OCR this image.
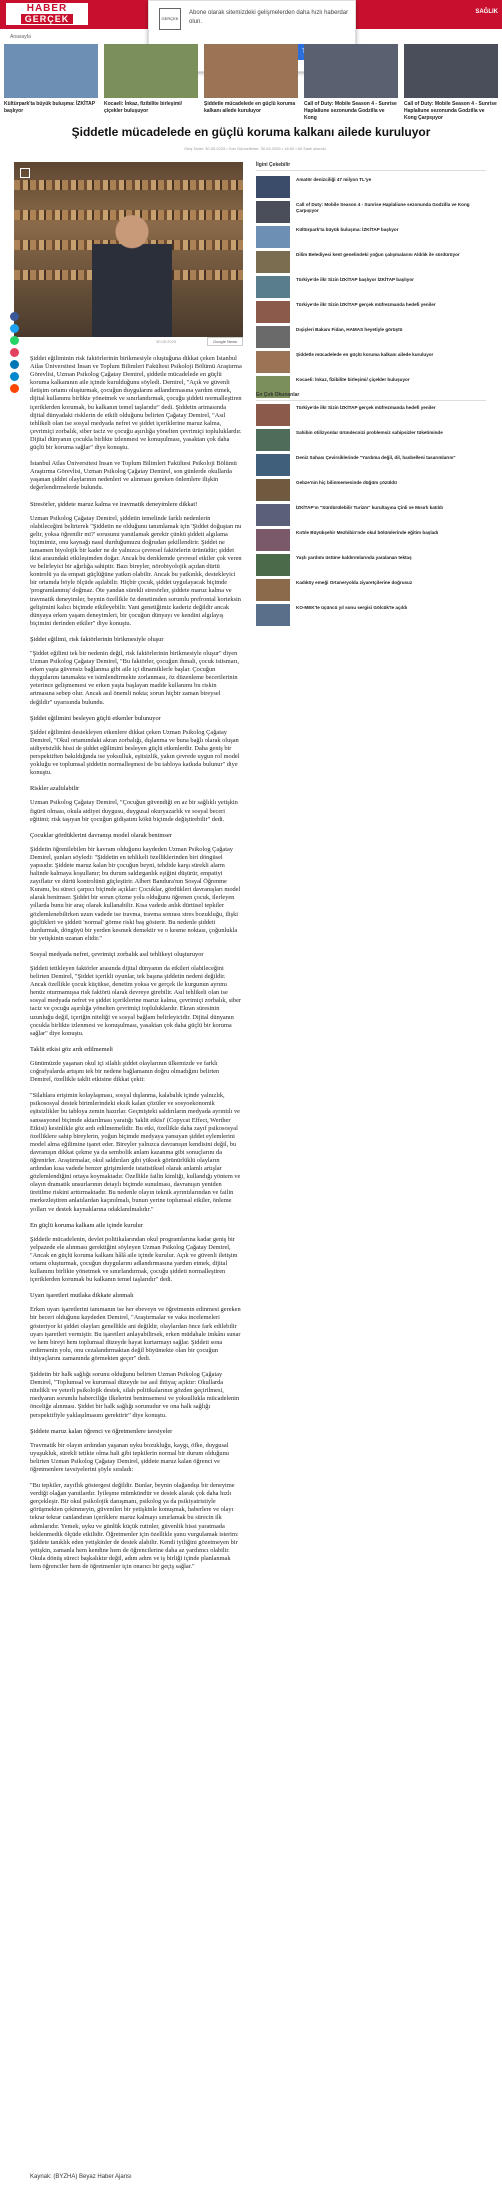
HABER
GERÇEK
SAĞLIK
GERÇEK
Abone olarak sitemizdeki gelişmelerden daha hızlı haberdar olun.
Anasayfa
Kültürpark'ta büyük buluşma: İZKİTAP başlıyor
Kocaeli: İnkaz, fizibilite birleşimi/ çiçekler buluşuyor
Şiddetle mücadelede en güçlü koruma kalkanı ailede kuruluyor
Call of Duty: Mobile Season 4 - Sunrise Haplaliune sezonunda Godzilla ve Kong
Call of Duty: Mobile Season 4 - Sunrise Haplaliune sezonunda Godzilla ve Kong Çarpışıyor
Şiddetle mücadelede en güçlü koruma kalkanı ailede kuruluyor
Giriş Tarihi: 30.05.2025 • Son Güncelleme: 30.05.2025 • 16:00 • 60 Saat okundu
30.05.2025	Google News

Şiddet eğiliminin risk faktörlerinin birikmesiyle oluştuğuna dikkat çeken İstanbul Atlas Üniversitesi İnsan ve Toplum Bilimleri Fakültesi Psikoloji Bölümü Araştırma Görevlisi, Uzman Psikolog Çağatay Demirel, şiddetle mücadelede en güçlü koruma kalkanının aile içinde kurulduğunu söyledi. Demirel, "Açık ve güvenli iletişim ortamı oluşturmak, çocuğun duygularını adlandırmasına yardım etmek, dijital kullanımı birlikte yönetmek ve sınırlandırmak, çocuğu şiddeti normalleştiren içeriklerden korumak, bu kalkanın temel taşlarıdır" dedi. Şiddetin artmasında dijital dünyadaki risklerin de etkili olduğunu belirten Çağatay Demirel, "Asıl tehlikeli olan ise sosyal medyada nefret ve şiddet içeriklerine maruz kalma, çevrimiçi zorbalık, siber taciz ve çocuğu aşırılığa yönelten çevrimiçi topluluklardır. Dijital dünyanın çocukla birlikte izlenmesi ve konuşulması, yasaktan çok daha güçlü bir koruma sağlar" diye konuştu.

İstanbul Atlas Üniversitesi İnsan ve Toplum Bilimleri Fakültesi Psikoloji Bölümü Araştırma Görevlisi, Uzman Psikolog Çağatay Demirel, son günlerde okullarda yaşanan şiddet olaylarının nedenleri ve alınması gereken önlemlere ilişkin değerlendirmelerde bulundu.

Stresörler, şiddete maruz kalma ve travmatik deneyimlere dikkat!

Uzman Psikolog Çağatay Demirel, şiddetin temelinde farklı nedenlerin olabileceğini belirterek "Şiddetin ne olduğunu tanımlamak için 'Şiddet doğuştan mı gelir, yoksa öğrenilir mi?' sorusunu yanıtlamak gerekir çünkü şiddeti algılama biçimimiz, onu kaynağı nasıl durduğumuzu doğrudan şekillendirir. Şiddet ne tamamen biyolojik bir kader ne de yalnızca çevresel faktörlerin ürünüdür; şiddet ikisi arasındaki etkileşimden doğar. Ancak bu denklemde çevresel etkiler çok veren ve belirleyici bir ağırlığa sahiptir. Bazı bireyler, nörobiyolojik açıdan dürtü kontrolü ya da empati güçlüğüne yatkın olabilir. Ancak bu yatkınlık, destekleyici bir ortamda böyle ölçüde aşılabilir. Hiçbir çocuk, şiddet uygulayacak biçimde 'programlanmış' doğmaz. Öte yandan sürekli stresörler, şiddete maruz kalma ve travmatik deneyimler, beynin özellikle öz denetimden sorumlu prefrontal korteksin gelişimini kalıcı biçimde etkileyebilir. Yani genetiğimiz kaderiz değildir ancak dünyaya erken yaşam deneyimleri, bir çocuğun dünyayı ve kendini algılayış biçimini derinden etkiler" diye konuştu.

Şiddet eğilimi, risk faktörlerinin birikmesiyle oluşur

"Şiddet eğilimi tek bir nedenin değil, risk faktörlerinin birikmesiyle oluşur" diyen Uzman Psikolog Çağatay Demirel, "Bu faktörler, çocuğun ihmali, çocuk istismarı, erken yaşta güvensiz bağlanma gibi aile içi dinamiklerle başlar. Çocuğun duygularını tanımakta ve isimlendirmekte zorlanması, öz düzenleme becerilerinin yeterince gelişmemesi ve erken yaşta başlayan madde kullanımı bu riskin artmasına sebep olur. Ancak asıl önemli nokta; sorun hiçbir zaman bireysel değildir" uyarısında bulundu.

Şiddet eğilimini besleyen güçlü etkenler bulunuyor

Şiddet eğilimini destekleyen etkenlere dikkat çeken Uzman Psikolog Çağatay Demirel, "Okul ortamındaki akran zorbalığı, dışlanma ve buna bağlı olarak oluşan aidiyetsizlik hissi de şiddet eğilimini besleyen güçlü etkenlerdir. Daha geniş bir perspektiften bakıldığında ise yoksulluk, eşitsizlik, yakın çevrede uygun rol model yokluğu ve toplumsal şiddetin normalleşmesi de bu tabloya katkıda bulunur" diye konuştu.

Riskler azaltılabilir

Uzman Psikolog Çağatay Demirel, "Çocuğun güvendiği en az bir sağlıklı yetişkin figürü olması, okula aidiyet duygusu, duygusal okuryazarlık ve sosyal beceri eğitimi; risk taşıyan bir çocuğun gidişatını kökü biçimde değiştirebilir" dedi.

Çocuklar gördüklerini davranışı model olarak benimser

Şiddetin öğrenilebilen bir kavram olduğunu kaydeden Uzman Psikolog Çağatay Demirel, şunları söyledi: "Şiddetin en tehlikeli özelliklerinden biri döngüsel yapısıdır. Şiddete maruz kalan bir çocuğun beyni, tehdide karşı sürekli alarm halinde kalmaya koşullanır; bu durum saldırganlık eşiğini düşürür, empatiyi zayıflatır ve dürtü kontrolünü güçleştirir. Albert Bandura'nın Sosyal Öğrenme Kuramı, bu süreci çarpıcı biçimde açıklar: Çocuklar, gördükleri davranışları model alarak benimser. Şiddet bir sorun çözme yolu olduğunu öğrenen çocuk, ilerleyen yıllarda bunu bir araç olarak kullanabilir. Kısa vadede anlık dürtüsel tepkiler gözlemlenebilirken uzun vadede ise travma, travma sonrası stres bozukluğu, ilişki güçlükleri ve şiddeti 'normal' görme riski baş gösterir. Bu nedenle şiddeti durdurmak, döngüyü bir yerden kesmek demektir ve o kesme noktası, çoğunlukla bir yetişkinin uzanan elidir."

Sosyal medyada nefret, çevrimiçi zorbalık asıl tehlikeyi oluşturuyor

Şiddeti tetikleyen faktörler arasında dijital dünyanın da etkileri olabileceğini belirten Demirel, "Şiddet içerikli oyunlar, tek başına şiddetin nedeni değildir. Ancak özellikle çocuk küçükse, denetim yoksa ve gerçek ile kurgunun ayrımı henüz oturmamışsa risk faktörü olarak devreye girebilir. Asıl tehlikeli olan ise sosyal medyada nefret ve şiddet içeriklerine maruz kalma, çevrimiçi zorbalık, siber taciz ve çocuğu aşırılığa yönelten çevrimiçi topluluklardır. Ekran süresinin uzunluğu değil, içeriğin niteliği ve sosyal bağlam belirleyicidir. Dijital dünyanın çocukla birlikte izlenmesi ve konuşulması, yasaktan çok daha güçlü bir koruma sağlar" diye konuştu.

Taklit etkisi göz ardı edilmemeli

Günümüzde yaşanan okul içi silahlı şiddet olaylarının ülkemizde ve farklı coğrafyalarda artışını tek bir nedene bağlamanın doğru olmadığını belirten Demirel, özellikle taklit etkisine dikkat çekti:

"Silahlara erişimin kolaylaşması, sosyal dışlanma, kalabalık içinde yalnızlık, psikososyal destek birimlerindeki eksik kalan çözüler ve sosyoekonomik eşitsizlikler bu tabloya zemin hazırlar. Geçmişteki saldırıların medyada ayrıntılı ve sansasyonel biçimde aktarılması yaratığı 'taklit etkisi' (Copycat Effect, Werther Etkisi) kesinlikle göz ardı edilmemelidir. Bu etki, özellikle daha zayıf psikososyal özelliklere sahip bireylerin, yoğun biçimde medyaya yansıyan şiddet eylemlerini model alma eğilimine işaret eder. Bireyler yalnızca davranışın kendisini değil, bu davranışın dikkat çekme ya da sembolik anlam kazanma gibi sonuçlarını da öğrenirler. Araştırmalar, okul saldırıları gibi yüksek görünürlüklü olayların ardından kısa vadede benzer girişimlerde istatistiksel olarak anlamlı artışlar gözlemlendiğini ortaya koymaktadır. Özellikle failin kimliği, kullandığı yöntem ve olayın dramatik unsurlarının detaylı biçimde sunulması, davranışın yeniden üretilme riskini arttırmaktadır. Bu nedenle olayın teknik ayrıntılarından ve failin merkezleştiren anlatılardan kaçınılmalı, bunun yerine toplumsal etkiler, önleme yolları ve destek kaynaklarına odaklanılmalıdır."

En güçlü koruma kalkanı aile içinde kurulur

Şiddetle mücadelenin, devlet politikalarından okul programlarına kadar geniş bir yelpazede ele alınması gerektiğini söyleyen Uzman Psikolog Çağatay Demirel, "Ancak en güçlü koruma kalkanı hâlâ aile içinde kurulur. Açık ve güvenli iletişim ortamı oluşturmak, çocuğun duygularını adlandırmasına yardım etmek, dijital kullanımı birlikte yönetmek ve sınırlandırmak, çocuğu şiddeti normalleştiren içeriklerden korumak bu kalkanın temel taşlarıdır" dedi.

Uyarı işaretleri mutlaka dikkate alınmalı

Erken uyarı işaretlerini tanımanın ise her ebeveyn ve öğretmenin edinmesi gereken bir beceri olduğunu kaydeden Demirel, "Araştırmalar ve vaka incelemeleri gösteriyor ki şiddet olayları genellikle ani değildir, olaylardan önce fark edilebilir uyarı işaretleri vermiştir. Bu işaretleri anlayabilirsek, erken müdahale imkânı sunar ve hem bireyi hem toplumsal düzeyde hayat kurtarmayı sağlar. Şiddeti sona erdirmenin yolu, onu cezalandırmaktan değil büyümekte olan bir çocuğun ihtiyaçlarını zamanında görmekten geçer" dedi.

Şiddetin bir halk sağlığı sorunu olduğunu belirten Uzman Psikolog Çağatay Demirel, "Toplumsal ve kurumsal düzeyde ise asıl ihtiyaç açıktır: Okullarda nitelikli ve yeterli psikolojik destek, silah politikalarının gözden geçirilmesi, medyanın sorumlu haberciliğe ilkelerini benimsemesi ve yoksullukla mücadelenin önceliğe alınması. Şiddet bir halk sağlığı sorunudur ve ona halk sağlığı perspektifiyle yaklaşılmasını gerektirir" diye konuştu.

Şiddete maruz kalan öğrenci ve öğretmenlere tavsiyeler

Travmatik bir olayın ardından yaşanan uyku bozukluğu, kaygı, öfke, duygusal uyuşukluk, sürekli tetikte olma hali gibi tepkilerin normal bir durum olduğunu belirten Uzman Psikolog Çağatay Demirel, şiddete maruz kalan öğrenci ve öğretmenlere tavsiyelerini şöyle sıraladı:

"Bu tepkiler, zayıflık göstergesi değildir. Bunlar, beynin olağandışı bir deneyime verdiği olağan yanıtlardır. İyileşme mümkündür ve destek alarak çok daha hızlı gerçekleşir. Bir okul psikolojik danışmanı, psikolog ya da psikiyatristiyle görüşmekten çekinmeyin, güvenilen bir yetişkinle konuşmak, haberlere ve olayı tekrar tekrar canlandıran içeriklere maruz kalmayı sınırlamak bu sürecin ilk adımlarıdır. Yemek, uyku ve günlük küçük rutinler, güvenlik hissi yaratmada beklenmedik ölçüde etkilidir. Öğretmenler için özellikle şunu vurgulamak isterim: Şiddete tanıklık eden yetişkinler de destek alabilir. Kendi iyiliğini gözetmeyen bir yetişkin, zamanla hem kendine hem de öğrencilerine daha az yardımcı olabilir. Okula dönüş süreci başkalıktır değil, adım adım ve iş birliği içinde planlanmak hem öğrenciler hem de öğretmenler için onarıcı bir geçiş sağlar."

Kaynak: (BYZHA) Beyaz Haber Ajansı
İlgini Çekebilir
Amatör denizciliği 47 milyon TL'ye
Call of Duty: Mobile Season 4 - Sunrise Haplaliune sezonunda Godzilla ve Kong Çarpışıyor
Kültürpark'ta büyük buluşma: İZKİTAP başlıyor
Dilim Belediyesi kent genelindeki yoğun çalışmalarını Aldılık ile sürdürüyor
Türkiye'de ilk! Sizin İZKİTAP başlıyor İZKİTAP başlıyor
Türkiye'de ilk! Sizin İZKİTAP gerçek müfrezmanda hedefi yeniler
Dışişleri Bakanı Fidan, HAMAS heyetiyle görüştü
Şiddetle mücadelede en güçlü koruma kalkanı ailede kuruluyor
Kocaeli: İnkaz, fizibilite birleşimi/ çiçekler buluşuyor
En Çok Okunanlar
Türkiye'de ilk! Sizin İZKİTAP gerçek müfrezmanda hedefi yeniler
Sahibin otilizyonlar üründecnizi problemsiz sahipsizler tüketiminde
Deniz Sahası Çevirsiklerinde "Yardıma değil, dil, hasbelleni tasarımlarını"
Gebze'nin hiç bilinmemesinde düğüm çözüldü
İZKİTAP'ın "Sürdürülebilir Turizm" kurultayına Çinli ve Mısırlı katıldı
Kırtıle Büyükşehir Mezhibin'nde okul bölümlerinde eğitim başladı
Yaşlı yardımı üstüne kaldırımlarında yaralanan tektaş
Kadıköy emeği Ortaneryolda ziyaretçilerine doğrusuz
KO-MEK'te üçüncü yıl sonu sergisi Gölcük'te açıldı
